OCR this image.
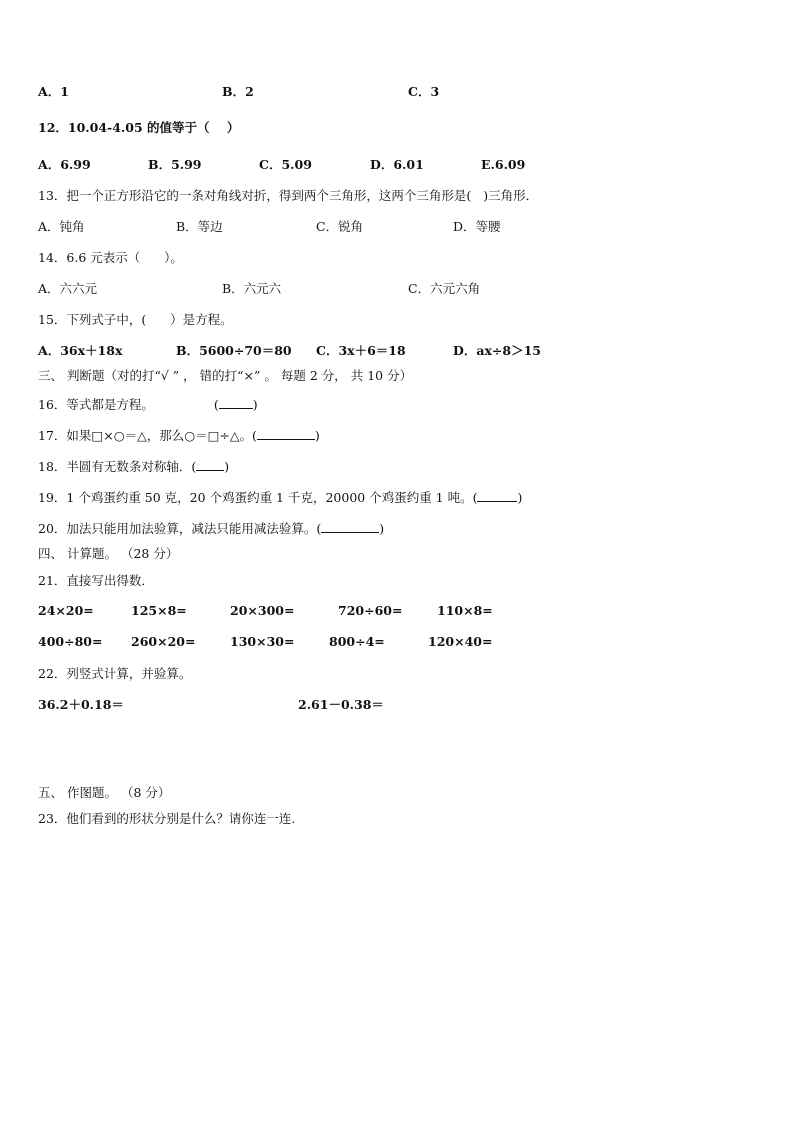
A．1	B．2	C．3
12．10.04-4.05 的值等于（    ）
A．6.99	B．5.99	C．5.09	D．6.01	E.6.09
13．把一个正方形沿它的一条对角线对折，得到两个三角形，这两个三角形是(   )三角形．
A．钝角	B．等边	C．锐角	D．等腰
14．6.6 元表示（      ）。
A．六六元	B．六元六	C．六元六角
15．下列式子中，(      ）是方程。
A．36x＋18x	B．5600÷70＝80 C．3x＋6＝18	D．ax÷8＞15
三、 判断题（对的打“√ ” ， 错的打“×” 。 每题 2 分， 共 10 分）
16．等式都是方程。	(	)
17．如果□×○＝△，那么○＝□÷△。(	)
18．半圆有无数条对称轴．( )
19．1 个鸡蛋约重 50 克，20 个鸡蛋约重 1 千克，20000 个鸡蛋约重 1 吨。(	)
20．加法只能用加法验算，减法只能用减法验算。(	)
四、 计算题。 （28 分）
21．直接写出得数．
24×20=	125×8=	20×300=	720÷60=	110×8=
400÷80= 260×20=	130×30=	800÷4=	120×40=
22．列竖式计算，并验算。
36.2＋0.18＝	2.61－0.38＝
五、 作图题。 （8 分）
23．他们看到的形状分别是什么？请你连一连.
